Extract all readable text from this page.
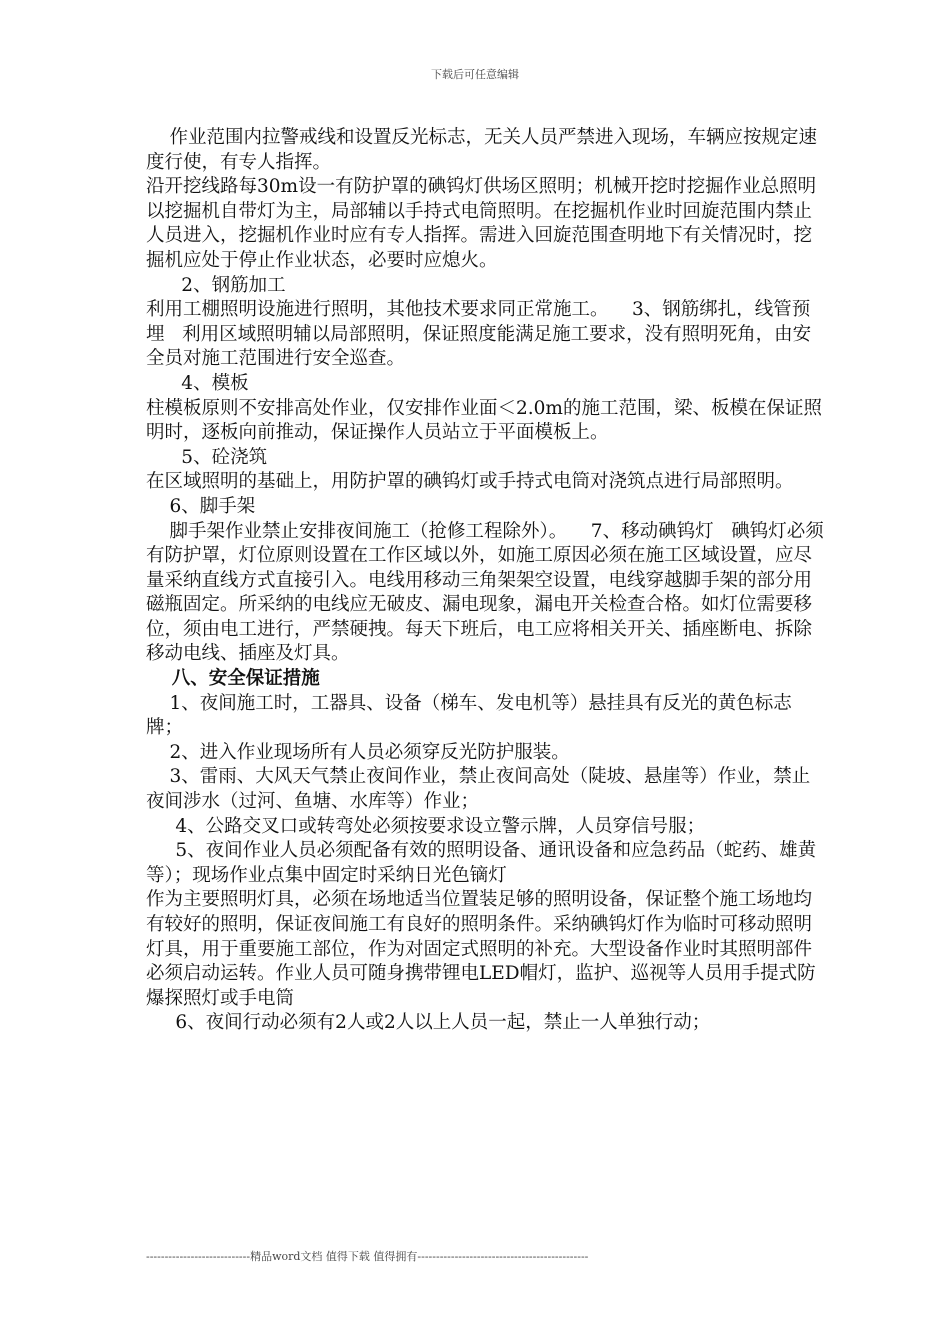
下载后可任意编辑

作业范围内拉警戒线和设置反光标志，无关人员严禁进入现场，车辆应按规定速度行使，有专人指挥。

沿开挖线路每30m设一有防护罩的碘钨灯供场区照明；机械开挖时挖掘作业总照明以挖掘机自带灯为主，局部辅以手持式电筒照明。在挖掘机作业时回旋范围内禁止人员进入，挖掘机作业时应有专人指挥。需进入回旋范围查明地下有关情况时，挖掘机应处于停止作业状态，必要时应熄火。

2、钢筋加工

利用工棚照明设施进行照明，其他技术要求同正常施工。    3、钢筋绑扎，线管预埋   利用区域照明辅以局部照明，保证照度能满足施工要求，没有照明死角，由安全员对施工范围进行安全巡查。

4、模板

柱模板原则不安排高处作业，仅安排作业面＜2.0m的施工范围，梁、板模在保证照明时，逐板向前推动，保证操作人员站立于平面模板上。

5、砼浇筑

在区域照明的基础上，用防护罩的碘钨灯或手持式电筒对浇筑点进行局部照明。

6、脚手架

脚手架作业禁止安排夜间施工（抢修工程除外）。    7、移动碘钨灯   碘钨灯必须有防护罩，灯位原则设置在工作区域以外，如施工原因必须在施工区域设置，应尽量采纳直线方式直接引入。电线用移动三角架架空设置，电线穿越脚手架的部分用磁瓶固定。所采纳的电线应无破皮、漏电现象，漏电开关检查合格。如灯位需要移位，须由电工进行，严禁硬拽。每天下班后，电工应将相关开关、插座断电、拆除移动电线、插座及灯具。

八、安全保证措施

1、夜间施工时，工器具、设备（梯车、发电机等）悬挂具有反光的黄色标志牌；

2、进入作业现场所有人员必须穿反光防护服装。

3、雷雨、大风天气禁止夜间作业，禁止夜间高处（陡坡、悬崖等）作业，禁止夜间涉水（过河、鱼塘、水库等）作业；

4、公路交叉口或转弯处必须按要求设立警示牌，人员穿信号服；

5、夜间作业人员必须配备有效的照明设备、通讯设备和应急药品（蛇药、雄黄等）；现场作业点集中固定时采纳日光色镝灯

作为主要照明灯具，必须在场地适当位置装足够的照明设备，保证整个施工场地均有较好的照明，保证夜间施工有良好的照明条件。采纳碘钨灯作为临时可移动照明灯具，用于重要施工部位，作为对固定式照明的补充。大型设备作业时其照明部件必须启动运转。作业人员可随身携带锂电LED帽灯，监护、巡视等人员用手提式防爆探照灯或手电筒

6、夜间行动必须有2人或2人以上人员一起，禁止一人单独行动；

----------------------------精品word文档 值得下载 值得拥有----------------------------------------------
